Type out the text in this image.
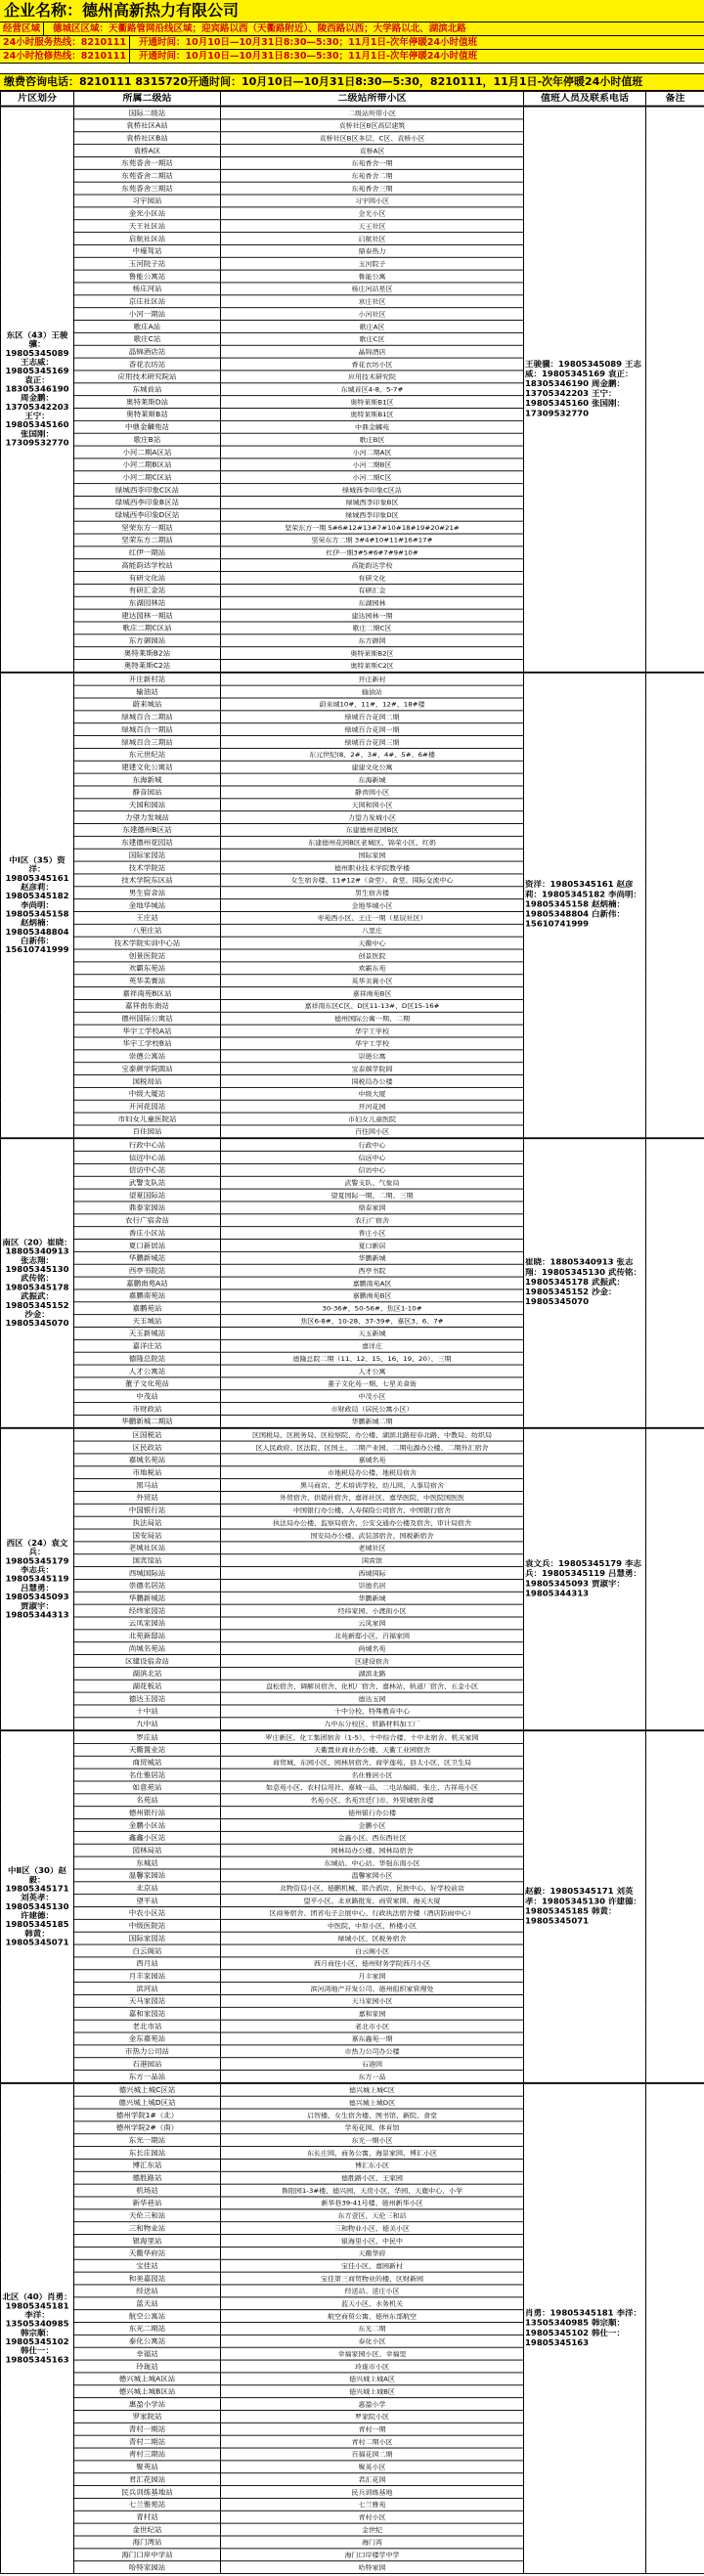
企业名称：德州高新热力有限公司
经营区域 德城区区域：天衢路管网沿线区域；迎宾路以西（天衢路附近）、陵西路以西；大学路以北、湖滨北路
24小时服务热线：8210111 开通时间：10月10日—10月31日8:30—5:30；11月1日-次年停暖24小时值班
24小时抢修热线：8210111 开通时间：10月10日—10月31日8:30—5:30；11月1日-次年停暖24小时值班
缴费咨询电话：8210111 8315720开通时间：10月10日—10月31日8:30—5:30，8210111，11月1日-次年停暖24小时值班
片区划分	所属二级站	二级站所带小区	值班人员及联系电话	备注
东区（43）王骏骥：19805345089 王志威：19805345169 袁正：18305346190 周金鹏：13705342203 王宁：19805345160 张国刚：17309532770	国际二级站	二级站所带小区	王骏骥：19805345089 王志威：19805345169 袁正：18305346190 周金鹏：13705342203 王宁：19805345160 张国刚：17309532770	
	袁桥社区A站	袁桥社区B区高层建筑		
	袁桥社区B站	袁桥社区B区多层、C区、袁桥小区		
	袁桥A区	袁桥A区		
	东苑香舍一期站	东苑香舍一期		
	东苑香舍二期站	东苑香舍二期		
	东苑香舍三期站	东苑香舍三期		
	习宇园站	习宇园小区		
	金光小区站	金光小区		
	天王社区站	天王社区		
	启航社区站	启航社区		
	中壕驾站	鼎泰热力		
	玉河院子站	玉河院子		
	鲁能公寓站	鲁能公寓		
	杨庄河站	杨庄河站星区		
	京庄社区站	京庄社区		
	小河一期站	小河社区		
	歌庄A站	歌庄A区		
	歌庄C站	歌庄C区		
	晶锦酒店站	晶锦酒店		
	香花衣坊站	香花衣坊小区		
	应用技术研究院站	应用技术研究院		
	东城首站	东城首区4-8、5-7#		
	奥特莱斯D站	奥特莱斯B1区		
	奥特莱斯B站	奥特莱斯B1区		
	中鼎金麟苑站	中鼎金麟苑		
	歌庄B站	歌庄B区		
	小河二期A区站	小河二期A区		
	小河二期B区站	小河二期B区		
	小河二期C区站	小河二期C区		
	绿城西李印象C区站	绿城西李印象C区站		
	绿城西李印象B区站	绿城西李印象B区		
	绿城西李印象D区站	绿城西李印象D区		
	坚荣东方一期站	坚荣东方一期 5#6#12#13#7#10#18#19#20#21#		
	坚荣东方二期站	坚荣东方二期 3#4#10#11#16#17#		
	红伊一期站	红伊一期3#5#6#7#9#10#		
	高能韵达学校站	高能韵达学校		
	有研文化站	有研文化		
	有研汇金站	有研汇金		
	东湖园林站	东湖园林		
	建达园林一期站	建达园林一期		
	歌庄二期C区站	歌庄二期C区		
	东方御园站	东方御园		
	奥特莱斯B2站	奥特莱斯B2区		
	奥特莱斯C2站	奥特莱斯C2区		
中Ⅰ区（35）资洋：19805345161 赵彦莉：19805345182 李尚明：19805345158 赵炳楠：19805348804 白新伟：15610741999	开庄新村站	开庄新村	资洋：19805345161 赵彦莉：19805345182 李尚明：19805345158 赵炳楠：19805348804 白新伟：15610741999	
	输油站	输油站		
	蔚来城站	蔚来城10#、11#、12#、18#楼		
	绿城百合二期站	绿城百合花园二期		
	绿城百合一期站	绿城百合花园一期		
	绿城百合三期站	绿城百合花园三期		
	东元世纪站	东元世纪(8、2#、3#、4#、5#、6#楼		
	建建文化公寓站	建建文化公寓		
	东海新城	东海新城		
	静音园站	静音园小区		
	天园和园站	天园和园小区		
	力望力发城站	力望力发城小区		
	东建德州B区站	东建德州花园B区		
	东建德州花园站	东建德州花园B区老城区、锦荣小区、红奶		
	国际家园站	国际家园		
	技术学院站	德州职业技术学院教学楼		
	技术学院东区站	女生宿舍楼、11#12#（食堂）、食堂、国际交流中心		
	男生宿舍站	男生宿舍楼		
	金地华城站	金地华城小区		
	王庄站	枣苑西小区、王庄一期（星辰社区）		
	八里庄站	八里庄		
	技术学院实训中心站	天衢中心		
	创景医院站	创景医院		
	欢霸东苑站	欢霸东苑		
	英华美寰站	英华美寰小区		
	嘉祥南苑B区站	嘉祥南苑B区		
	嘉祥南东南站	嘉祥南东区C区、D区11-13#、D区15-16#		
	德州国际公寓站	德州国际公寓一期、二期		
	华宇工学校A站	华宇工学校		
	华宇工学校B站	华宇工学校		
	崇德公寓站	崇德公寓		
	宝泰颜学院圆站	宝泰颜学院圆		
	国税局站	国税局办公楼		
	中级大厦站	中级大厦		
	开河花园站	开河花园		
	市妇女儿童医院站	市妇女儿童医院		
	百住园站	百住园小区		
南区（20）崔晓：18805340913 张志翔：19805345130 武传铭：19805345178 武振武：19805345152 沙金：19805345070	行政中心站	行政中心	崔晓：18805340913 张志翔：19805345130 武传铭：19805345178 武振武：19805345152 沙金：19805345070	
	信远中心站	信远中心		
	信访中心站	信访中心		
	武警支队站	武警支队、气象局		
	望夏国际站	望夏国际一期、二期、三期		
	鼎泰家园站	鼎泰家园		
	农行广宿舍站	农行广宿舍		
	香庄小区站	香庄小区		
	夏口新居站	夏口新居		
	华鹏新城站	华鹏新城		
	西亭书院站	西亭书院		
	嘉鹏南苑A站	嘉鹏南苑A区		
	嘉鹏南苑站	嘉鹏南苑B区		
	嘉鹏苑站	30-36#、50-56#、焦区1-10#		
	天玉城站	焦区6-8#、10-28、37-39#、嘉区3、6、7#		
	天玉新城站	天玉新城		
	嘉洋庄站	嘉洋庄		
	德隆总院站	德隆总院二期（11、12、15、16、19、20）、三期		
	人才公寓站	人才公寓		
	董子文化苑站	董子文化苑一期、七星美食街		
	中茂站	中茂小区		
	市财政站	市财政局（居民公寓小区）		
	华鹏新城二期站	华鹏新城二期		
西区（24）袁文兵：19805345179 李志兵：19805345119 吕慧勇：19805345093 贾淑宇：19805344313	区国税站	区国税局、区税务局、区检察院、办公楼、湖滨北路迎春北路、中教局、纺织局	袁文兵：19805345179 李志兵：19805345119 吕慧勇：19805345093 贾淑宇：19805344313	
	区民政站	区人民政府、区法院、区国土、二期产业园、二期电源办公楼、二期外汇宿舍		
	嘉城名苑站	嘉城名苑		
	市地税站	市地税局办公楼、地税局宿舍		
	黑马站	黑马商店、艺术培训学校、幼儿园、人事局宿舍		
	外贸站	外贸宿舍、供销社宿舍、嘉祥社区、嘉华医院、中医院国医医		
	中国银行站	中国银行办公楼、人寿保险公司宿舍、中国银行宿舍		
	执法局站	执法局办公楼、监察局宿舍、公安交通办公楼及宿舍、审计局宿舍		
	国安局站	国安局办公楼、武装部宿舍、国税新宿舍		
	老城社区站	老城社区		
	国宾馆站	国宾馆		
	西城国际站	西城国际		
	崇德名居站	崇德名居		
	华鹏新城站	华鹏新城		
	经纬家园站	经纬家园、小渡街小区		
	云凤家园站	云凤家园		
	北苑新邸站	北苑新邸小区、百福家园		
	尚城名苑站	尚城名苑		
	区建设宿舍站	区建设宿舍		
	湖滨北站	湖滨北路		
	湖花板站	盘松宿舍、调解员宿舍、化机厂宿舍、嘉林站、轨道厂宿舍、五金小区		
	德达玉园站	德达玉园		
	十中站	十中分校、特殊教育中心		
	九中站	九中东分校区、铁路材料加工厂		
中Ⅱ区（30）赵毅：19805345171 刘英孝：19805345130 许建德：19805345185 韩黄：19805345071	罗庄站	罗庄新区、化工集团宿舍（1-5）、十中综合楼、十中北宿舍、机关家园	赵毅：19805345171 刘英孝：19805345130 许建德：19805345185 韩黄：19805345071	
	天衢置业站	天衢置业商业办公楼、天衢工业园宿舍		
	商贸城站	商贸城、东园小区、园林居宿舍、商学莲苑、县太小区、区卫生局		
	名仕雅居站	名仕雅居小区		
	如意苑站	如意苑小区、农村信用社、嘉城一品、二电站编辑、张庄、古祥苑小区		
	名苑站	名苑小区、名苑宫廷门市、外贸城宿舍楼		
	德州银行站	德州银行办公楼		
	金鹏小区站	金鹏小区		
	鑫鑫小区站	金鑫小区、西东西社区		
	园林局站	园林局办公楼、园林局宿舍		
	东城站	东城站、中心站、华强东南小区		
	温馨家园站	温馨家园小区		
	北京站	北物资局小区、德鹏机械、联合酒店、民族中心、好学校前店		
	望平站	望平小区、北京路批发、商贸家园、海关大厦		
	中农小区站	区商务宿舍、团省电子会展中心、行政执法宿舍楼（酒店防雨中心）		
	中级医院站	中医院、中原小区、桥楼小区		
	国际家园站	绿城小区、区税务宿舍		
	白云阁站	白云阁小区		
	西月站	西月商住小区、德州财务学院西月小区		
	月丰家园站	月丰家园		
	滨河站	滨河湾地产开发公司、德州组织家管理处		
	天马家园站	天马家园小区		
	嘉和家园站	嘉和家园		
	老北市站	老北市小区		
	金东嘉苑站	嘉东鑫苑一期		
	市热力公司站	市热力公司办公楼		
	石港园站	石港园		
	东方一品站	东方一品		
北区（40）肖勇：19805345181 李洋：13505340985 韩宗顺：19805345102 韩仕一：19805345163	德兴城上城C区站	德兴城上城C区	肖勇：19805345181 李洋：13505340985 韩宗顺：19805345102 韩仕一：19805345163	
	德兴城上城D区站	德兴城上城D区		
	德州学院1#（北）	启智楼、女生宿舍楼、图书馆、新院、食堂		
	德州学院2#（南）	学苑花园、体育馆		
	东光一期站	东光一期小区		
	东长庄园站	东长庄园、商务公寓、海景家园、博汇小区		
	博汇东站	博汇东小区		
	德胜路站	德胜路小区、王家园		
	机场站	鲁阳园1-3#楼、德兴园、天房小区、华园、天鹿中心、小学		
	新华巷站	新华巷39-41号楼、德州新华小区		
	天伦三和站	东方壹区、天伦三和站		
	三和物业站	三和物业小区、德美小区		
	银海里站	银海里小区、中民中		
	天衢华府站	天衢华府		
	宝佳站	宝佳小区、嘉园新村		
	和美嘉园站	宝佳第三商贸物业的楼、区财新园		
	经送站	经送站、送庄小区		
	蓝天站	蓝天小区、水务机关		
	航空公寓站	航空商贸公寓、德州东部航空		
	东光二期站	东光二期		
	泰化公寓站	泰化小区		
	幸福站	幸福家园小区、幸福里		
	玲珑站	玲珑市小区		
	德兴城上城A区站	德兴城上城A区		
	德兴城上城B区站	德兴城上城B区		
	惠盈小学站	惠盈小学		
	罗家院站	罗家院小区		
	青村一期站	青村一期		
	青村二期站	青村二期小区		
	青村三期站	百福花园二期		
	聚英站	聚英小区		
	君汇花园站	君汇花园		
	民兵训练基地站	民兵训练基地		
	七兰雅苑站	七兰雅苑		
	青村站	青村小区		
	金世纪站	金世纪		
	海门湾站	海门湾		
	海门口岸中学站	海门口岸楼学中学		
	哈特家园站	哈特家园		
